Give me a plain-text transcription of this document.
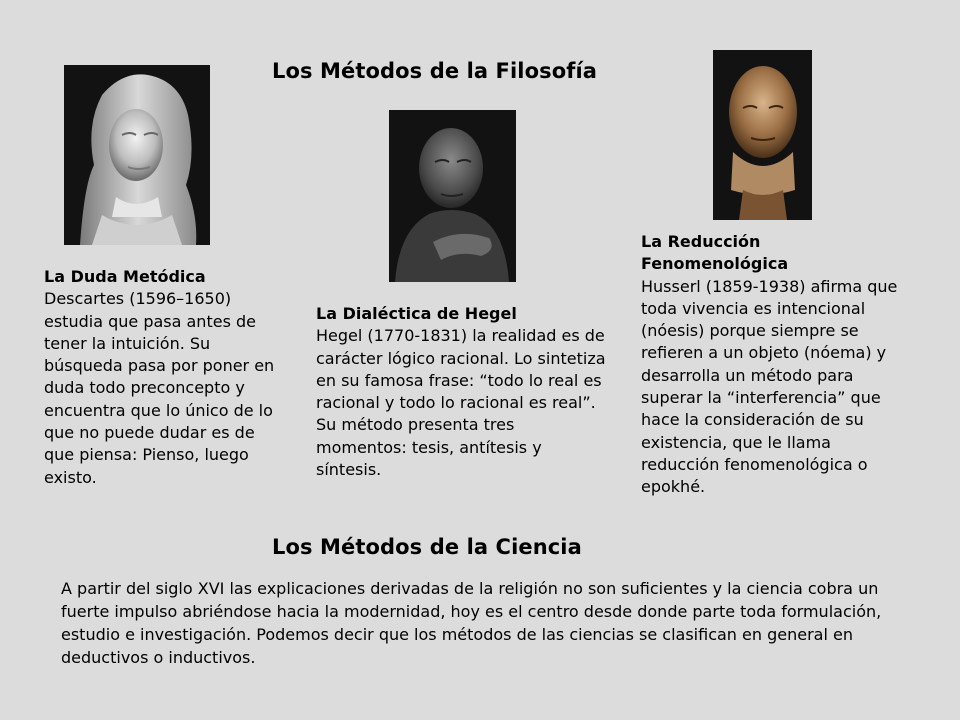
Los Métodos de la Filosofía
La Duda Metódica
Descartes (1596–1650) estudia que pasa antes de tener la intuición. Su búsqueda pasa por poner en duda todo preconcepto y encuentra que lo único de lo que no puede dudar es de que piensa: Pienso, luego existo.
La Dialéctica de Hegel
Hegel (1770-1831) la realidad es de carácter lógico racional. Lo sintetiza en su famosa frase: “todo lo real es racional y todo lo racional es real”. Su método presenta tres momentos: tesis, antítesis y síntesis.
La Reducción Fenomenológica
Husserl (1859-1938) afirma que toda vivencia es intencional (nóesis) porque siempre se refieren a un objeto (nóema) y desarrolla un método para superar la “interferencia” que hace la consideración de su existencia, que le llama reducción fenomenológica o epokhé.
Los Métodos de la Ciencia
A partir del siglo XVI las explicaciones derivadas de la religión no son suficientes y la ciencia cobra un fuerte impulso abriéndose hacia la modernidad, hoy es el centro desde donde parte toda formulación, estudio e investigación. Podemos decir que los métodos de las ciencias se clasifican en general en deductivos o inductivos.
